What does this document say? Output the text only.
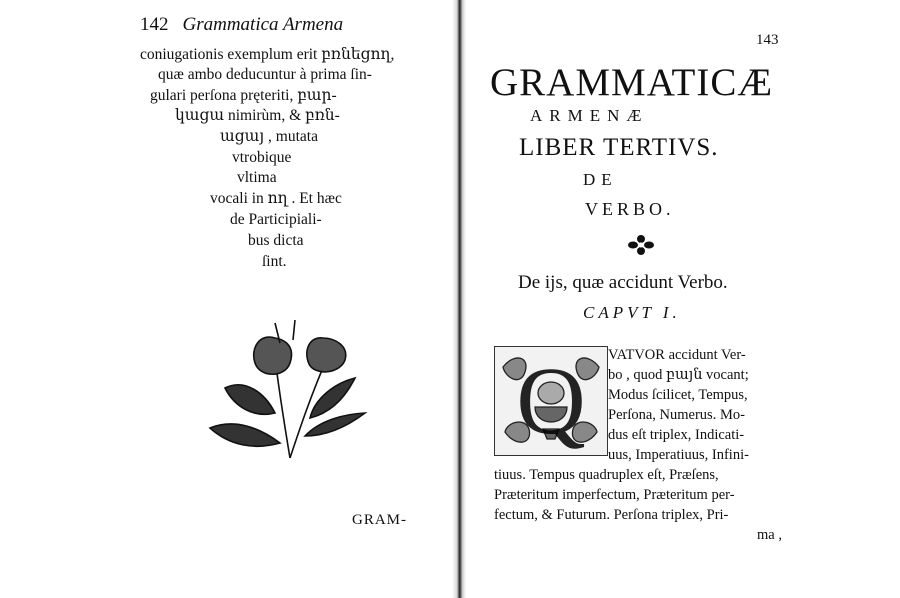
142 Grammatica Armena
coniugationis exemplum erit բռնեցող,
quæ ambo deducuntur à prima ſin-
gulari perſona pręteriti, բար-
կացա nimirùm, & բռն-
ացայ , mutata
vtrobique
vltima
vocali in ող . Et hæc
de Participiali-
bus dicta
ſint.
GRAM-
143
GRAMMATICÆ
ARMENÆ
LIBER TERTIVS.
DE
VERBO.
De ijs, quæ accidunt Verbo.
CAPVT I.
Q VATVOR accidunt Ver-
bo , quod բայն vocant;
Modus ſcilicet, Tempus,
Perſona, Numerus. Mo-
dus eſt triplex, Indicati-
uus, Imperatiuus, Infini-
tiuus. Tempus quadruplex eſt, Præſens,
Præteritum imperfectum, Præteritum per-
fectum, & Futurum. Perſona triplex, Pri-
ma ,
